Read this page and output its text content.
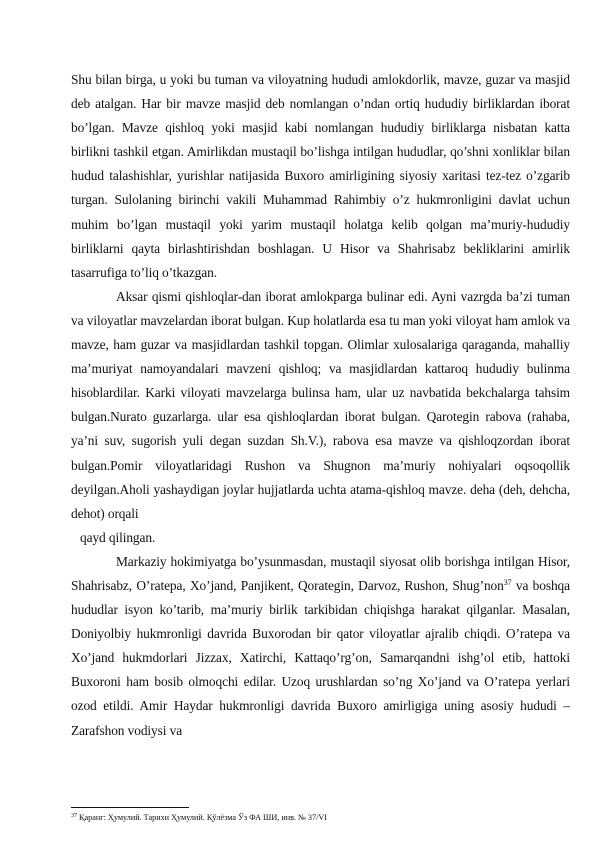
Shu bilan birga, u yoki bu tuman va viloyatning hududi amlokdorlik, mavze, guzar va masjid deb atalgan. Har bir mavze masjid deb nomlangan o’ndan ortiq hududiy birliklardan iborat bo’lgan. Mavze qishloq yoki masjid kabi nomlangan hududiy birliklarga nisbatan katta birlikni tashkil etgan. Amirlikdan mustaqil bo’lishga intilgan hududlar, qo’shni xonliklar bilan hudud talashishlar, yurishlar natijasida Buxoro amirligining siyosiy xaritasi tez-tez o’zgarib turgan. Sulolaning birinchi vakili Muhammad Rahimbiy o’z hukmronligini davlat uchun muhim bo’lgan mustaqil yoki yarim mustaqil holatga kelib qolgan ma’muriy-hududiy birliklarni qayta birlashtirishdan boshlagan. U Hisor va Shahrisabz bekliklarini amirlik tasarrufiga to’liq o’tkazgan.

Aksar qismi qishloqlar-dan iborat amlokparga bulinar edi. Ayni vazrgda ba’zi tuman va viloyatlar mavzelardan iborat bulgan. Kup holatlarda esa tu man yoki viloyat ham amlok va mavze, ham guzar va masjidlardan tashkil topgan. Olimlar xulosalariga qaraganda, mahalliy ma’muriyat namoyandalari mavzeni qishloq; va masjidlardan kattaroq hududiy bulinma hisoblardilar. Karki viloyati mavzelarga bulinsa ham, ular uz navbatida bekchalarga tahsim bulgan.Nurato guzarlarga. ular esa qishloqlardan iborat bulgan. Qarotegin rabova (rahaba, ya’ni suv, sugorish yuli degan suzdan Sh.V.), rabova esa mavze va qishloqzordan iborat bulgan.Pomir viloyatlaridagi Rushon va Shugnon ma’muriy nohiyalari oqsoqollik deyilgan.Aholi yashaydigan joylar hujjatlarda uchta atama-qishloq mavze. deha (deh, dehcha, dehot) orqali

qayd qilingan.

Markaziy hokimiyatga bo’ysunmasdan, mustaqil siyosat olib borishga intilgan Hisor, Shahrisabz, O’ratepa, Xo’jand, Panjikent, Qorategin, Darvoz, Rushon, Shug’non$^{37}$ va boshqa hududlar isyon ko’tarib, ma’muriy birlik tarkibidan chiqishga harakat qilganlar. Masalan, Doniyolbiy hukmronligi davrida Buxorodan bir qator viloyatlar ajralib chiqdi. O’ratepa va Xo’jand hukmdorlari Jizzax, Xatirchi, Kattaqo’rg’on, Samarqandni ishg’ol etib, hattoki Buxoroni ham bosib olmoqchi edilar. Uzoq urushlardan so’ng Xo’jand va O’ratepa yerlari ozod etildi. Amir Haydar hukmronligi davrida Buxoro amirligiga uning asosiy hududi – Zarafshon vodiysi va

$^{37}$ Қаранг: Ҳумулий. Тарихи Ҳумулий. Қўлёзма Ўз ФА ШИ, инв. № 37/VI
